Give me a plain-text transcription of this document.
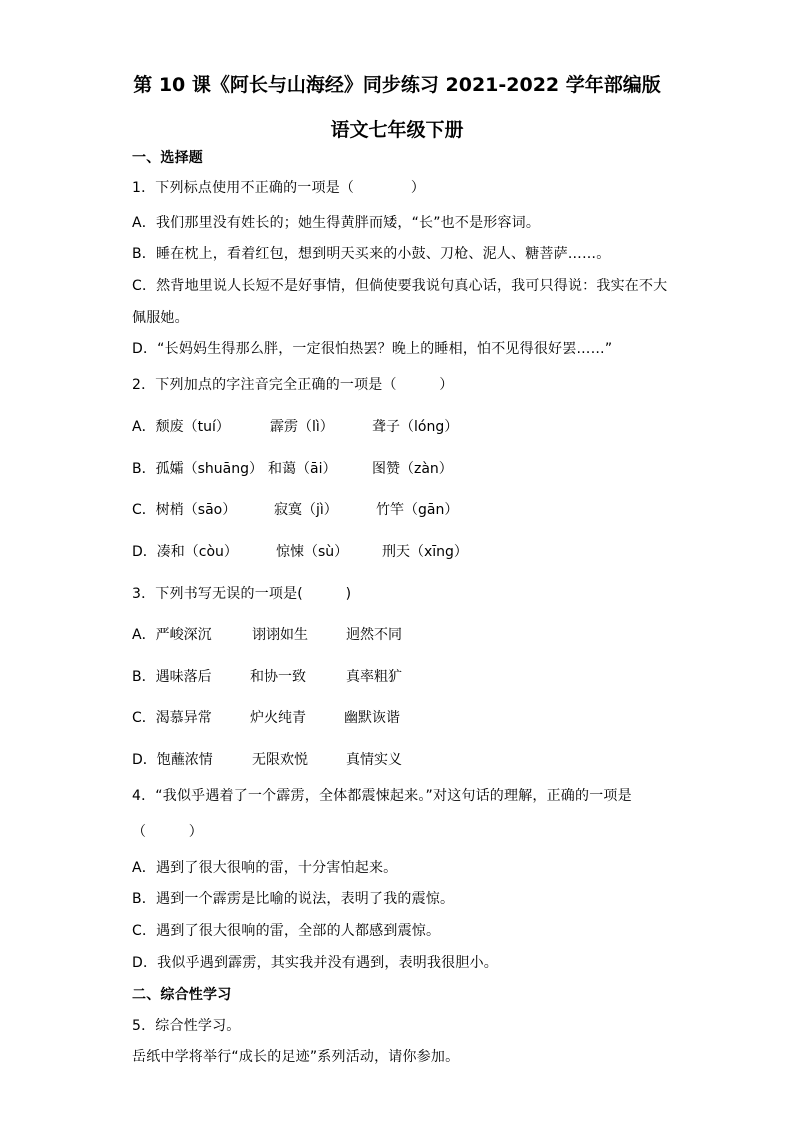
第 10 课《阿长与山海经》同步练习 2021-2022 学年部编版
语文七年级下册
一、选择题
1．下列标点使用不正确的一项是（　　　　）
A．我们那里没有姓长的；她生得黄胖而矮，“长”也不是形容词。
B．睡在枕上，看着红包，想到明天买来的小鼓、刀枪、泥人、糖菩萨……。
C．然背地里说人长短不是好事情，但倘使要我说句真心话，我可只得说：我实在不大
佩服她。
D．“长妈妈生得那么胖，一定很怕热罢？晚上的睡相，怕不见得很好罢……”
2．下列加点的字注音完全正确的一项是（　　　）
A．颓废（tuí）	霹雳（lì）	聋子（lóng）
B．孤孀（shuāng） 和蔼（āi）	图赞（zàn）
C．树梢（sāo）	寂寞（jì）	竹竿（gān）
D．凑和（còu）	惊悚（sù） 刑天（xīng）
3．下列书写无误的一项是(　　　)
A．严峻深沉	诩诩如生	迥然不同
B．遇味落后	和协一致	真率粗犷
C．渴慕异常	炉火纯青	幽默诙谐
D．饱蘸浓情	无限欢悦	真情实义
4．“我似乎遇着了一个霹雳，全体都震悚起来。”对这句话的理解，正确的一项是
（　　　）
A．遇到了很大很响的雷，十分害怕起来。
B．遇到一个霹雳是比喻的说法，表明了我的震惊。
C．遇到了很大很响的雷，全部的人都感到震惊。
D．我似乎遇到霹雳，其实我并没有遇到，表明我很胆小。
二、综合性学习
5．综合性学习。
岳纸中学将举行“成长的足迹”系列活动，请你参加。
